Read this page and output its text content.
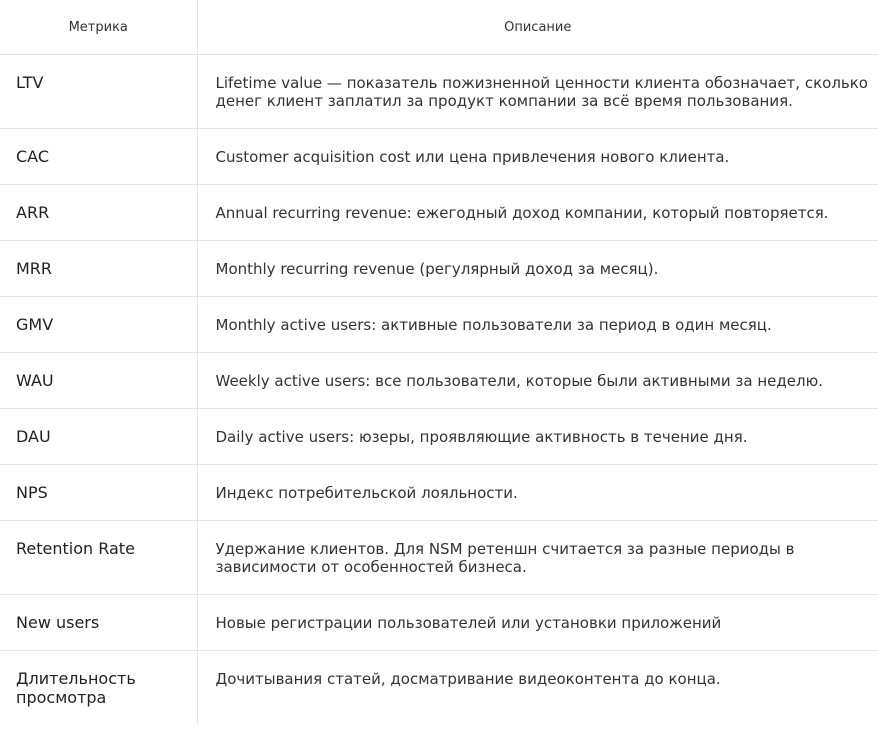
Метрика	Описание
LTV	Lifetime value — показатель пожизненной ценности клиента обозначает, сколько денег клиент заплатил за продукт компании за всё время пользования.
CAC	Customer acquisition cost или цена привлечения нового клиента.
ARR	Annual recurring revenue: ежегодный доход компании, который повторяется.
MRR	Monthly recurring revenue (регулярный доход за месяц).
GMV	Monthly active users: активные пользователи за период в один месяц.
WAU	Weekly active users: все пользователи, которые были активными за неделю.
DAU	Daily active users: юзеры, проявляющие активность в течение дня.
NPS	Индекс потребительской лояльности.
Retention Rate	Удержание клиентов. Для NSM ретеншн считается за разные периоды в зависимости от особенностей бизнеса.
New users	Новые регистрации пользователей или установки приложений
Длительность просмотра	Дочитывания статей, досматривание видеоконтента до конца.
